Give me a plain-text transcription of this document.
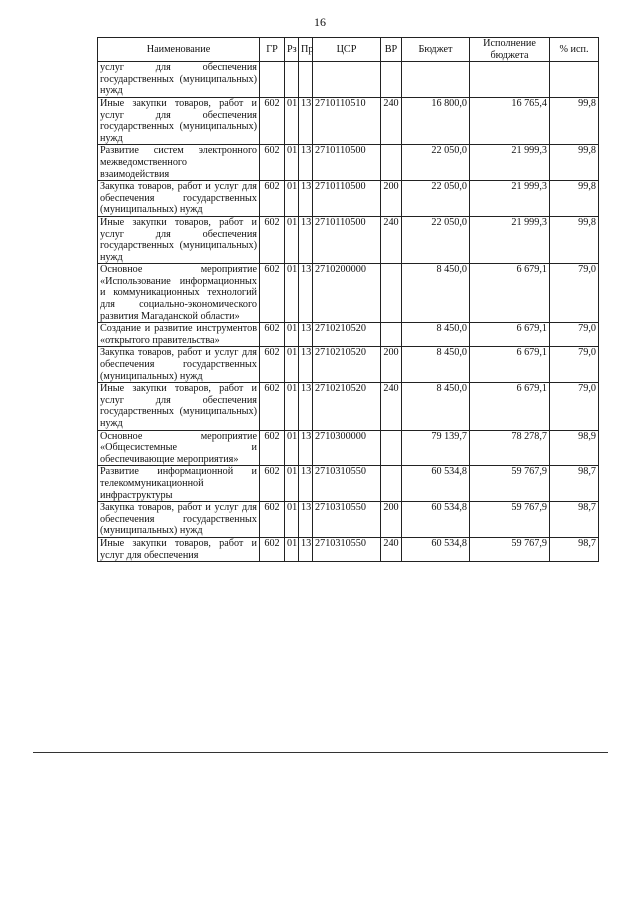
16
Наименование	ГР	Рз	Пр	ЦСР	ВР	Бюджет	Исполнение бюджета	% исп.
услуг для обеспечения государственных (муниципальных) нужд								
Иные закупки товаров, работ и услуг для обеспечения государственных (муниципальных) нужд	602	01	13	2710110510	240	16 800,0	16 765,4	99,8
Развитие систем электронного межведомственного взаимодействия	602	01	13	2710110500		22 050,0	21 999,3	99,8
Закупка товаров, работ и услуг для обеспечения государственных (муниципальных) нужд	602	01	13	2710110500	200	22 050,0	21 999,3	99,8
Иные закупки товаров, работ и услуг для обеспечения государственных (муниципальных) нужд	602	01	13	2710110500	240	22 050,0	21 999,3	99,8
Основное мероприятие «Использование информационных и коммуникационных технологий для социально-экономического развития Магаданской области»	602	01	13	2710200000		8 450,0	6 679,1	79,0
Создание и развитие инструментов «открытого правительства»	602	01	13	2710210520		8 450,0	6 679,1	79,0
Закупка товаров, работ и услуг для обеспечения государственных (муниципальных) нужд	602	01	13	2710210520	200	8 450,0	6 679,1	79,0
Иные закупки товаров, работ и услуг для обеспечения государственных (муниципальных) нужд	602	01	13	2710210520	240	8 450,0	6 679,1	79,0
Основное мероприятие «Общесистемные и обеспечивающие мероприятия»	602	01	13	2710300000		79 139,7	78 278,7	98,9
Развитие информационной и телекоммуникационной инфраструктуры	602	01	13	2710310550		60 534,8	59 767,9	98,7
Закупка товаров, работ и услуг для обеспечения государственных (муниципальных) нужд	602	01	13	2710310550	200	60 534,8	59 767,9	98,7
Иные закупки товаров, работ и услуг для обеспечения	602	01	13	2710310550	240	60 534,8	59 767,9	98,7
